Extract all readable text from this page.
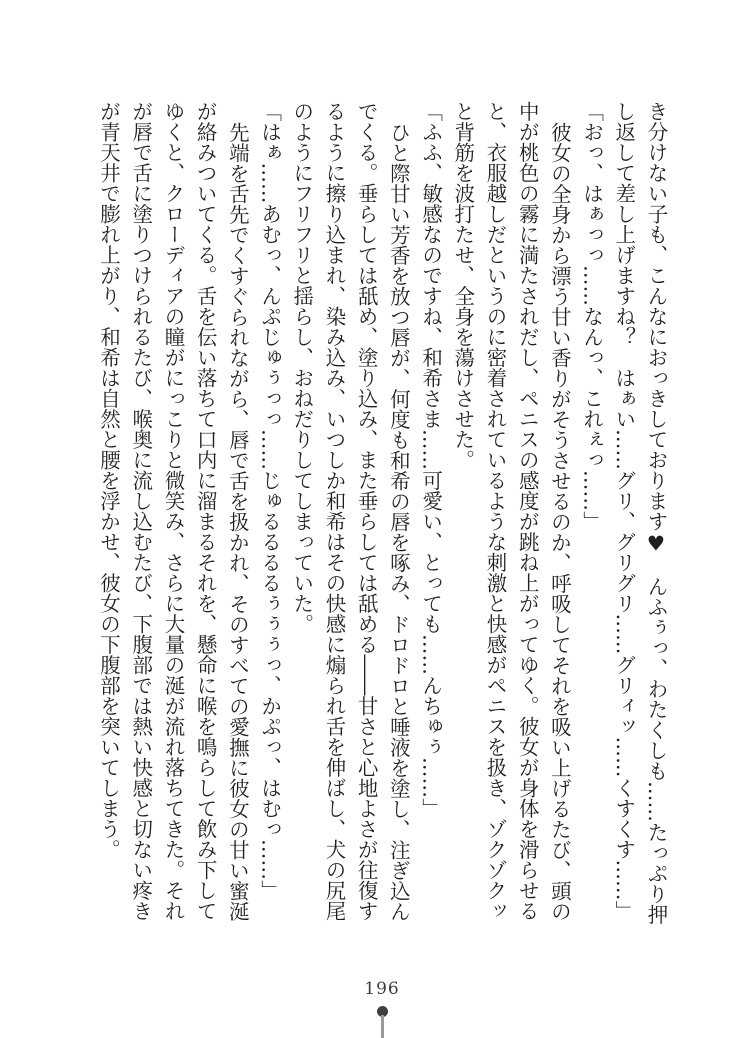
き分けない子も、こんなにおっきしております♥　んふぅっ、わたくしも……たっぷり押
し返して差し上げますね？　はぁい……グリ、グリグリ……グリィッ……くすくす……」
「おっ、はぁっっ……なんっ、これぇっ……」
彼女の全身から漂う甘い香りがそうさせるのか、呼吸してそれを吸い上げるたび、頭の
中が桃色の霧に満たされだし、ペニスの感度が跳ね上がってゆく。彼女が身体を滑らせる
と、衣服越しだというのに密着されているような刺激と快感がペニスを扱き、ゾクゾクッ
と背筋を波打たせ、全身を蕩けさせた。
「ふふ、敏感なのですね、和希さま……可愛い、とっても……んちゅぅ……」
ひと際甘い芳香を放つ唇が、何度も和希の唇を啄み、ドロドロと唾液を塗し、注ぎ込ん
でくる。垂らしては舐め、塗り込み、また垂らしては舐める――甘さと心地よさが往復す
るように擦り込まれ、染み込み、いつしか和希はその快感に煽られ舌を伸ばし、犬の尻尾
のようにフリフリと揺らし、おねだりしてしまっていた。
「はぁ……あむっ、んぷじゅぅっっ……じゅるるるるぅぅぅっ、かぷっ、はむっ……」
先端を舌先でくすぐられながら、唇で舌を扱かれ、そのすべての愛撫に彼女の甘い蜜涎
が絡みついてくる。舌を伝い落ちて口内に溜まるそれを、懸命に喉を鳴らして飲み下して
ゆくと、クローディアの瞳がにっこりと微笑み、さらに大量の涎が流れ落ちてきた。それ
が唇で舌に塗りつけられるたび、喉奥に流し込むたび、下腹部では熱い快感と切ない疼き
が青天井で膨れ上がり、和希は自然と腰を浮かせ、彼女の下腹部を突いてしまう。
196
